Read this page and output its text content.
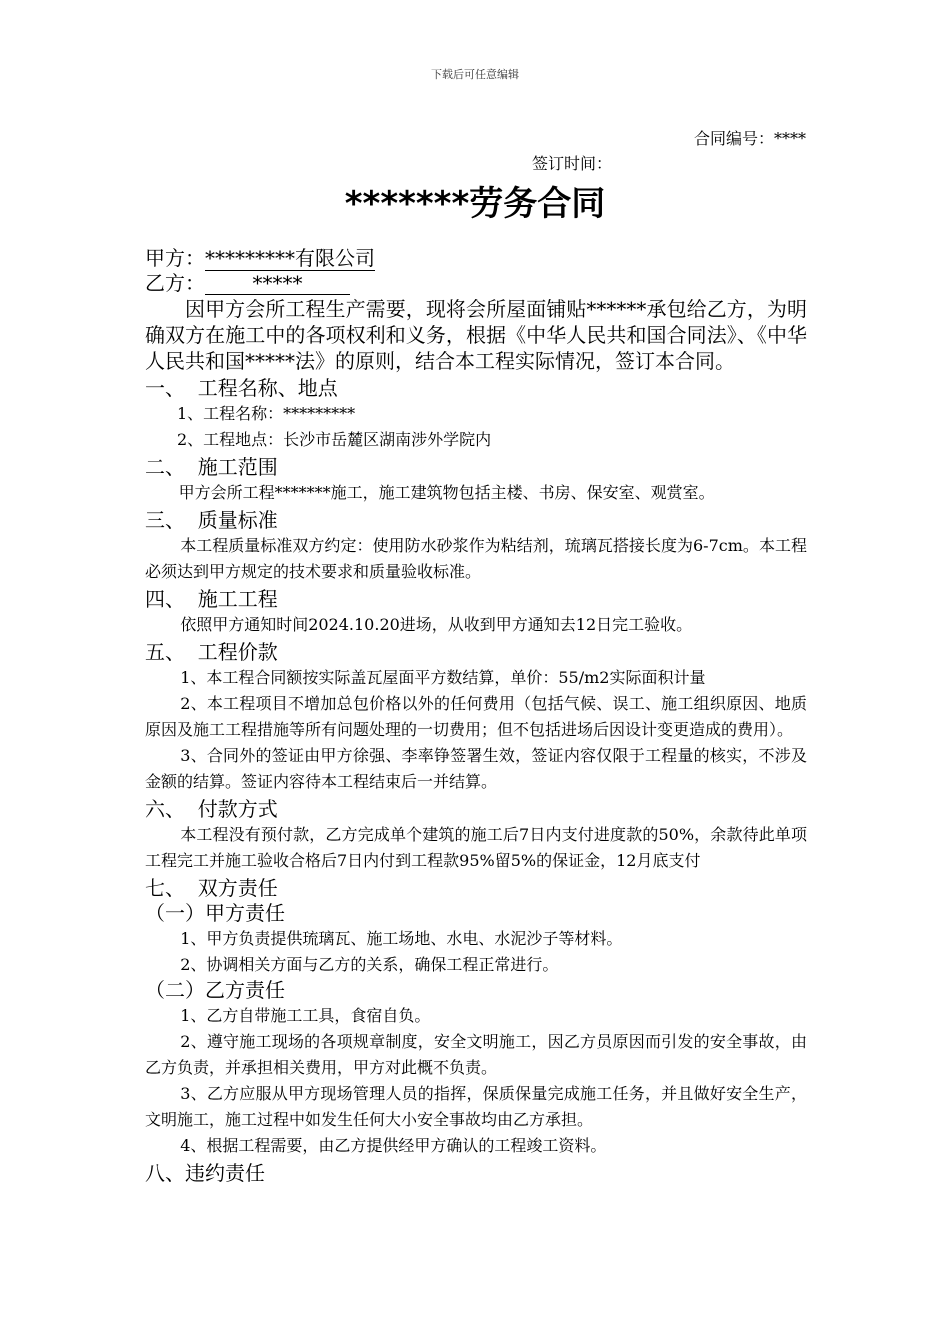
下载后可任意编辑
合同编号：****
签订时间：
*******劳务合同
甲方：*********有限公司
乙方： *****

因甲方会所工程生产需要，现将会所屋面铺贴******承包给乙方，为明确双方在施工中的各项权利和义务，根据《中华人民共和国合同法》、《中华人民共和国*****法》的原则，结合本工程实际情况，签订本合同。

一、  工程名称、地点
1、工程名称：*********
2、工程地点：长沙市岳麓区湖南涉外学院内
二、  施工范围

甲方会所工程*******施工，施工建筑物包括主楼、书房、保安室、观赏室。

三、  质量标准

本工程质量标准双方约定：使用防水砂浆作为粘结剂，琉璃瓦搭接长度为6-7cm。本工程必须达到甲方规定的技术要求和质量验收标准。

四、  施工工程

依照甲方通知时间2024.10.20进场，从收到甲方通知去12日完工验收。

五、  工程价款

1、本工程合同额按实际盖瓦屋面平方数结算，单价：55/m2实际面积计量

2、本工程项目不增加总包价格以外的任何费用（包括气候、误工、施工组织原因、地质原因及施工工程措施等所有问题处理的一切费用；但不包括进场后因设计变更造成的费用）。

3、合同外的签证由甲方徐强、李率铮签署生效，签证内容仅限于工程量的核实，不涉及金额的结算。签证内容待本工程结束后一并结算。

六、  付款方式

本工程没有预付款，乙方完成单个建筑的施工后7日内支付进度款的50%，余款待此单项工程完工并施工验收合格后7日内付到工程款95%留5%的保证金，12月底支付

七、  双方责任
（一）甲方责任

1、甲方负责提供琉璃瓦、施工场地、水电、水泥沙子等材料。

2、协调相关方面与乙方的关系，确保工程正常进行。

（二）乙方责任

1、乙方自带施工工具，食宿自负。

2、遵守施工现场的各项规章制度，安全文明施工，因乙方员原因而引发的安全事故，由乙方负责，并承担相关费用，甲方对此概不负责。

3、乙方应服从甲方现场管理人员的指挥，保质保量完成施工任务，并且做好安全生产，文明施工，施工过程中如发生任何大小安全事故均由乙方承担。

4、根据工程需要，由乙方提供经甲方确认的工程竣工资料。

八、违约责任
